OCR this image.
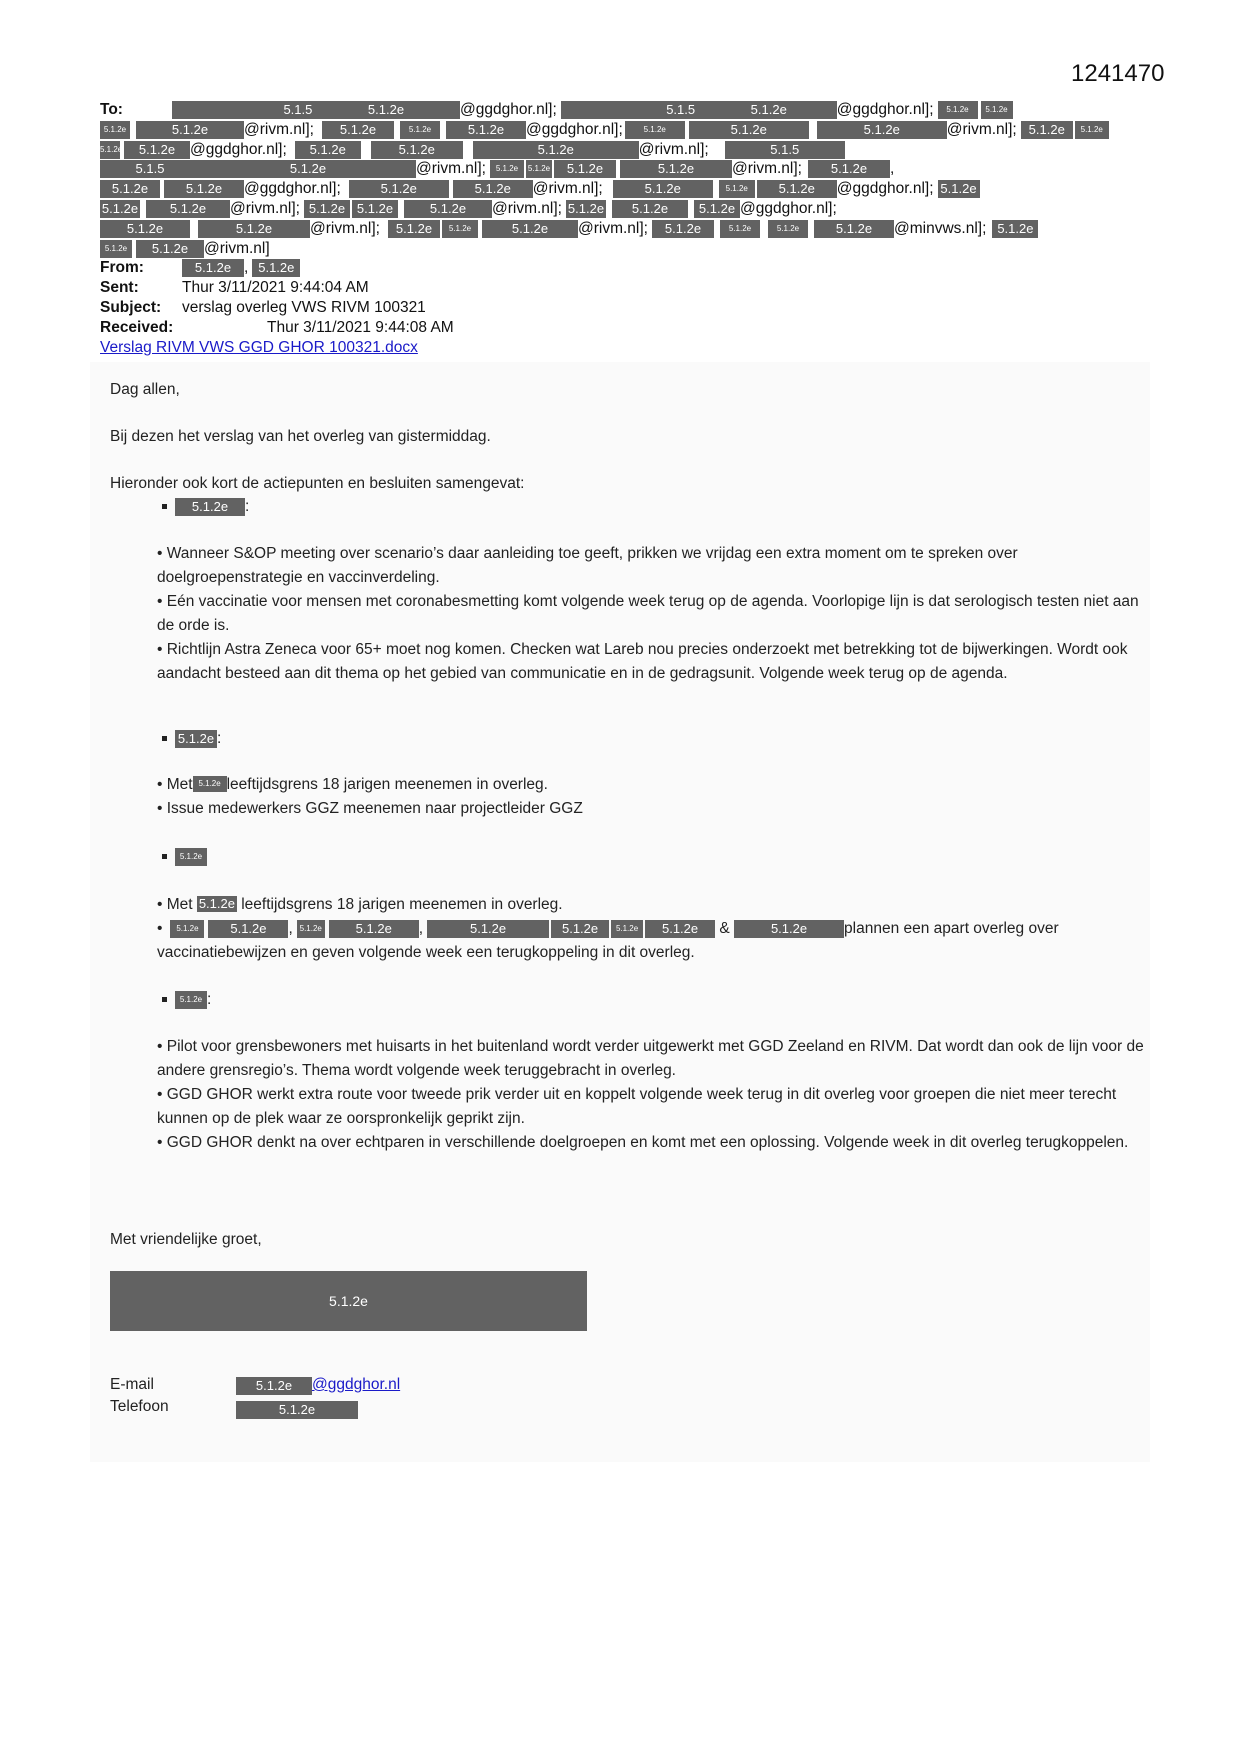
1241470
To:	5.1.5	5.1.2e	@ggdghor.nl];	5.1.5	5.1.2e	@ggdghor.nl]; 5.1.2e 5.1.2e
5.1.2e	5.1.2e @rivm.nl]; 5.1.2e	5.1.2e	5.1.2e @ggdghor.nl];	5.1.2e	5.1.2e	5.1.2e	@rivm.nl]; 5.1.2e 5.1.2e
5.1.2e 5.1.2e @ggdghor.nl]; 5.1.2e	5.1.2e	5.1.2e	@rivm.nl];	5.1.5
5.1.5	5.1.2e	@rivm.nl]; 5.1.2e 5.1.2e 5.1.2e	5.1.2e @rivm.nl]; 5.1.2e ,
5.1.2e	5.1.2e @ggdghor.nl];	5.1.2e	5.1.2e @rivm.nl];	5.1.2e	5.1.2e 5.1.2e @ggdghor.nl]; 5.1.2e
5.1.2e 5.1.2e @rivm.nl]; 5.1.2e 5.1.2e	5.1.2e @rivm.nl]; 5.1.2e 5.1.2e 5.1.2e @ggdghor.nl];
5.1.2e	5.1.2e @rivm.nl]; 5.1.2e 5.1.2e	5.1.2e @rivm.nl]; 5.1.2e	5.1.2e	5.1.2e	5.1.2e @minvws.nl]; 5.1.2e
5.1.2e 5.1.2e @rivm.nl]
From:	5.1.2e , 5.1.2e
Sent:	Thur 3/11/2021 9:44:04 AM
Subject: verslag overleg VWS RIVM 100321
Received:	Thur 3/11/2021 9:44:08 AM
Verslag RIVM VWS GGD GHOR 100321.docx
Dag allen,
Bij dezen het verslag van het overleg van gistermiddag.
Hieronder ook kort de actiepunten en besluiten samengevat:
5.1.2e :
• Wanneer S&OP meeting over scenario’s daar aanleiding toe geeft, prikken we vrijdag een extra moment om te spreken over doelgroepenstrategie en vaccinverdeling.
• Eén vaccinatie voor mensen met coronabesmetting komt volgende week terug op de agenda. Voorlopige lijn is dat serologisch testen niet aan de orde is.
• Richtlijn Astra Zeneca voor 65+ moet nog komen. Checken wat Lareb nou precies onderzoekt met betrekking tot de bijwerkingen. Wordt ook aandacht besteed aan dit thema op het gebied van communicatie en in de gedragsunit. Volgende week terug op de agenda.
5.1.2e :
• Met 5.1.2e leeftijdsgrens 18 jarigen meenemen in overleg.
• Issue medewerkers GGZ meenemen naar projectleider GGZ
5.1.2e
• Met 5.1.2e leeftijdsgrens 18 jarigen meenemen in overleg.
• 5.1.2e 5.1.2e , 5.1.2e	5.1.2e ,	5.1.2e	5.1.2e 5.1.2e 5.1.2e &	5.1.2e plannen een apart overleg over
vaccinatiebewijzen en geven volgende week een terugkoppeling in dit overleg.
5.1.2e :
• Pilot voor grensbewoners met huisarts in het buitenland wordt verder uitgewerkt met GGD Zeeland en RIVM. Dat wordt dan ook de lijn voor de andere grensregio’s. Thema wordt volgende week teruggebracht in overleg.
• GGD GHOR werkt extra route voor tweede prik verder uit en koppelt volgende week terug in dit overleg voor groepen die niet meer terecht kunnen op de plek waar ze oorspronkelijk geprikt zijn.
• GGD GHOR denkt na over echtparen in verschillende doelgroepen en komt met een oplossing. Volgende week in dit overleg terugkoppelen.
Met vriendelijke groet,
5.1.2e
E-mail	5.1.2e @ggdghor.nl
Telefoon	5.1.2e
